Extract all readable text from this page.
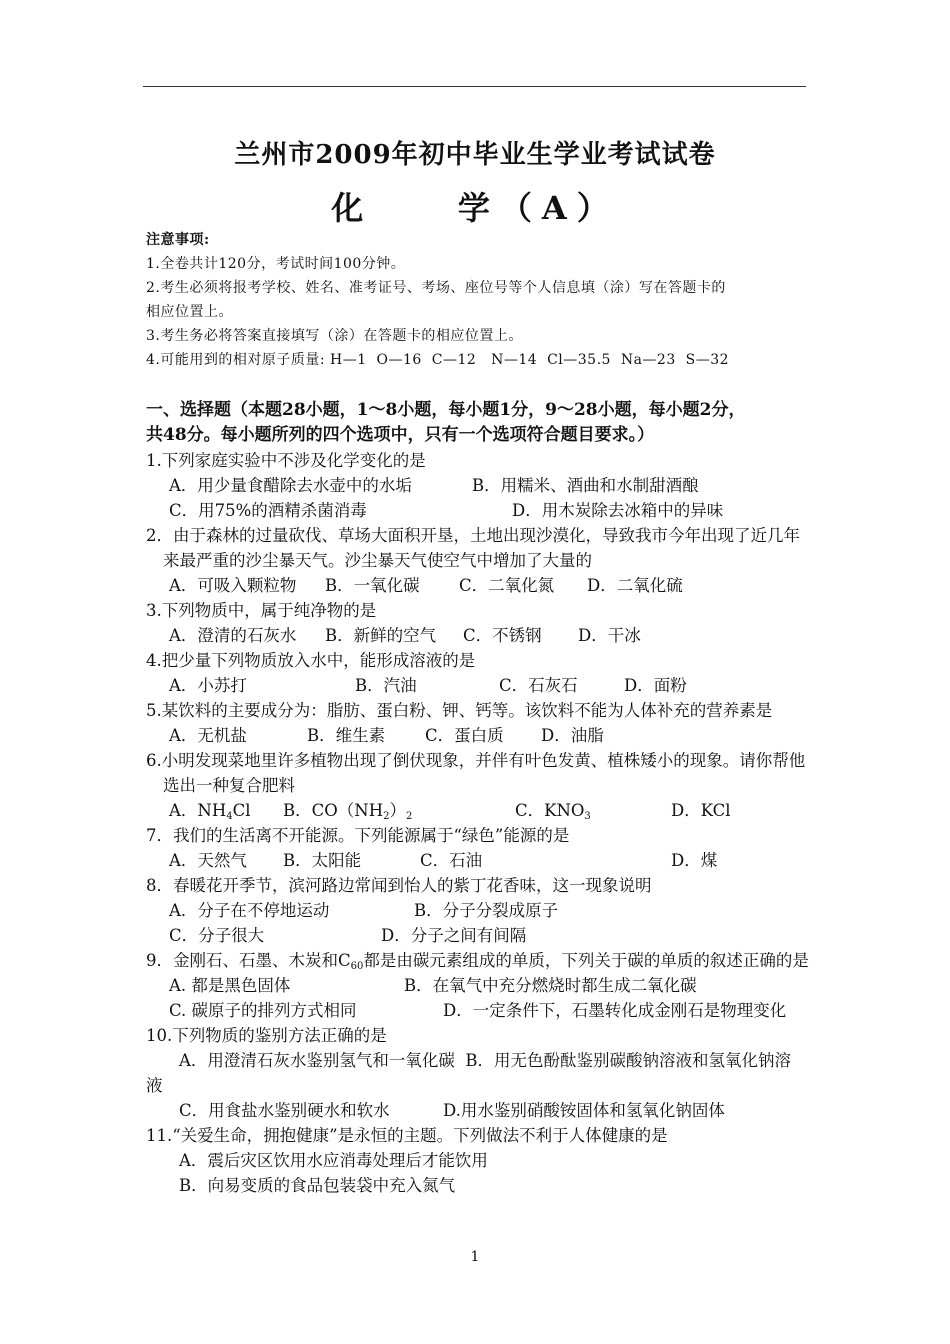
兰州市2009年初中毕业生学业考试试卷
化    学（A）

注意事项:

1.全卷共计120分，考试时间100分钟。

2.考生必须将报考学校、姓名、准考证号、考场、座位号等个人信息填（涂）写在答题卡的

相应位置上。

3.考生务必将答案直接填写（涂）在答题卡的相应位置上。

4.可能用到的相对原子质量: H—1  O—16  C—12   N—14  Cl—35.5  Na—23  S—32

一、选择题（本题28小题，1～8小题，每小题1分，9～28小题，每小题2分，

共48分。每小题所列的四个选项中，只有一个选项符合题目要求。）

1.下列家庭实验中不涉及化学变化的是

A．用少量食醋除去水壶中的水垢	B．用糯米、酒曲和水制甜酒酿
C．用75%的酒精杀菌消毒	D．用木炭除去冰箱中的异味

2．由于森林的过量砍伐、草场大面积开垦，土地出现沙漠化，导致我市今年出现了近几年

来最严重的沙尘暴天气。沙尘暴天气使空气中增加了大量的

A．可吸入颗粒物	B．一氧化碳	C．二氧化氮	D．二氧化硫

3.下列物质中，属于纯净物的是

A．澄清的石灰水	B．新鲜的空气	C．不锈钢	D．干冰

4.把少量下列物质放入水中，能形成溶液的是

A．小苏打	B．汽油	C．石灰石	D．面粉

5.某饮料的主要成分为：脂肪、蛋白粉、钾、钙等。该饮料不能为人体补充的营养素是

A．无机盐	B．维生素	C．蛋白质	D．油脂

6.小明发现菜地里许多植物出现了倒伏现象，并伴有叶色发黄、植株矮小的现象。请你帮他

选出一种复合肥料

A．$NH_4Cl$	B．$CO(NH_2)_2$	C．$KNO_3$	D．KCl

7．我们的生活离不开能源。下列能源属于“绿色”能源的是

A．天然气	B．太阳能	C．石油	D．煤

8．春暖花开季节，滨河路边常闻到怡人的紫丁花香味，这一现象说明

A．分子在不停地运动	B．分子分裂成原子
C．分子很大	D．分子之间有间隔

9．金刚石、石墨、木炭和$C_{60}$都是由碳元素组成的单质，下列关于碳的单质的叙述正确的是

A. 都是黑色固体	B．在氧气中充分燃烧时都生成二氧化碳
C. 碳原子的排列方式相同	D．一定条件下，石墨转化成金刚石是物理变化

10.下列物质的鉴别方法正确的是

A．用澄清石灰水鉴别氢气和一氧化碳  B．用无色酚酞鉴别碳酸钠溶液和氢氧化钠溶

液

C．用食盐水鉴别硬水和软水	D.用水鉴别硝酸铵固体和氢氧化钠固体

11.“关爱生命，拥抱健康”是永恒的主题。下列做法不利于人体健康的是

A．震后灾区饮用水应消毒处理后才能饮用

B．向易变质的食品包装袋中充入氮气

1
